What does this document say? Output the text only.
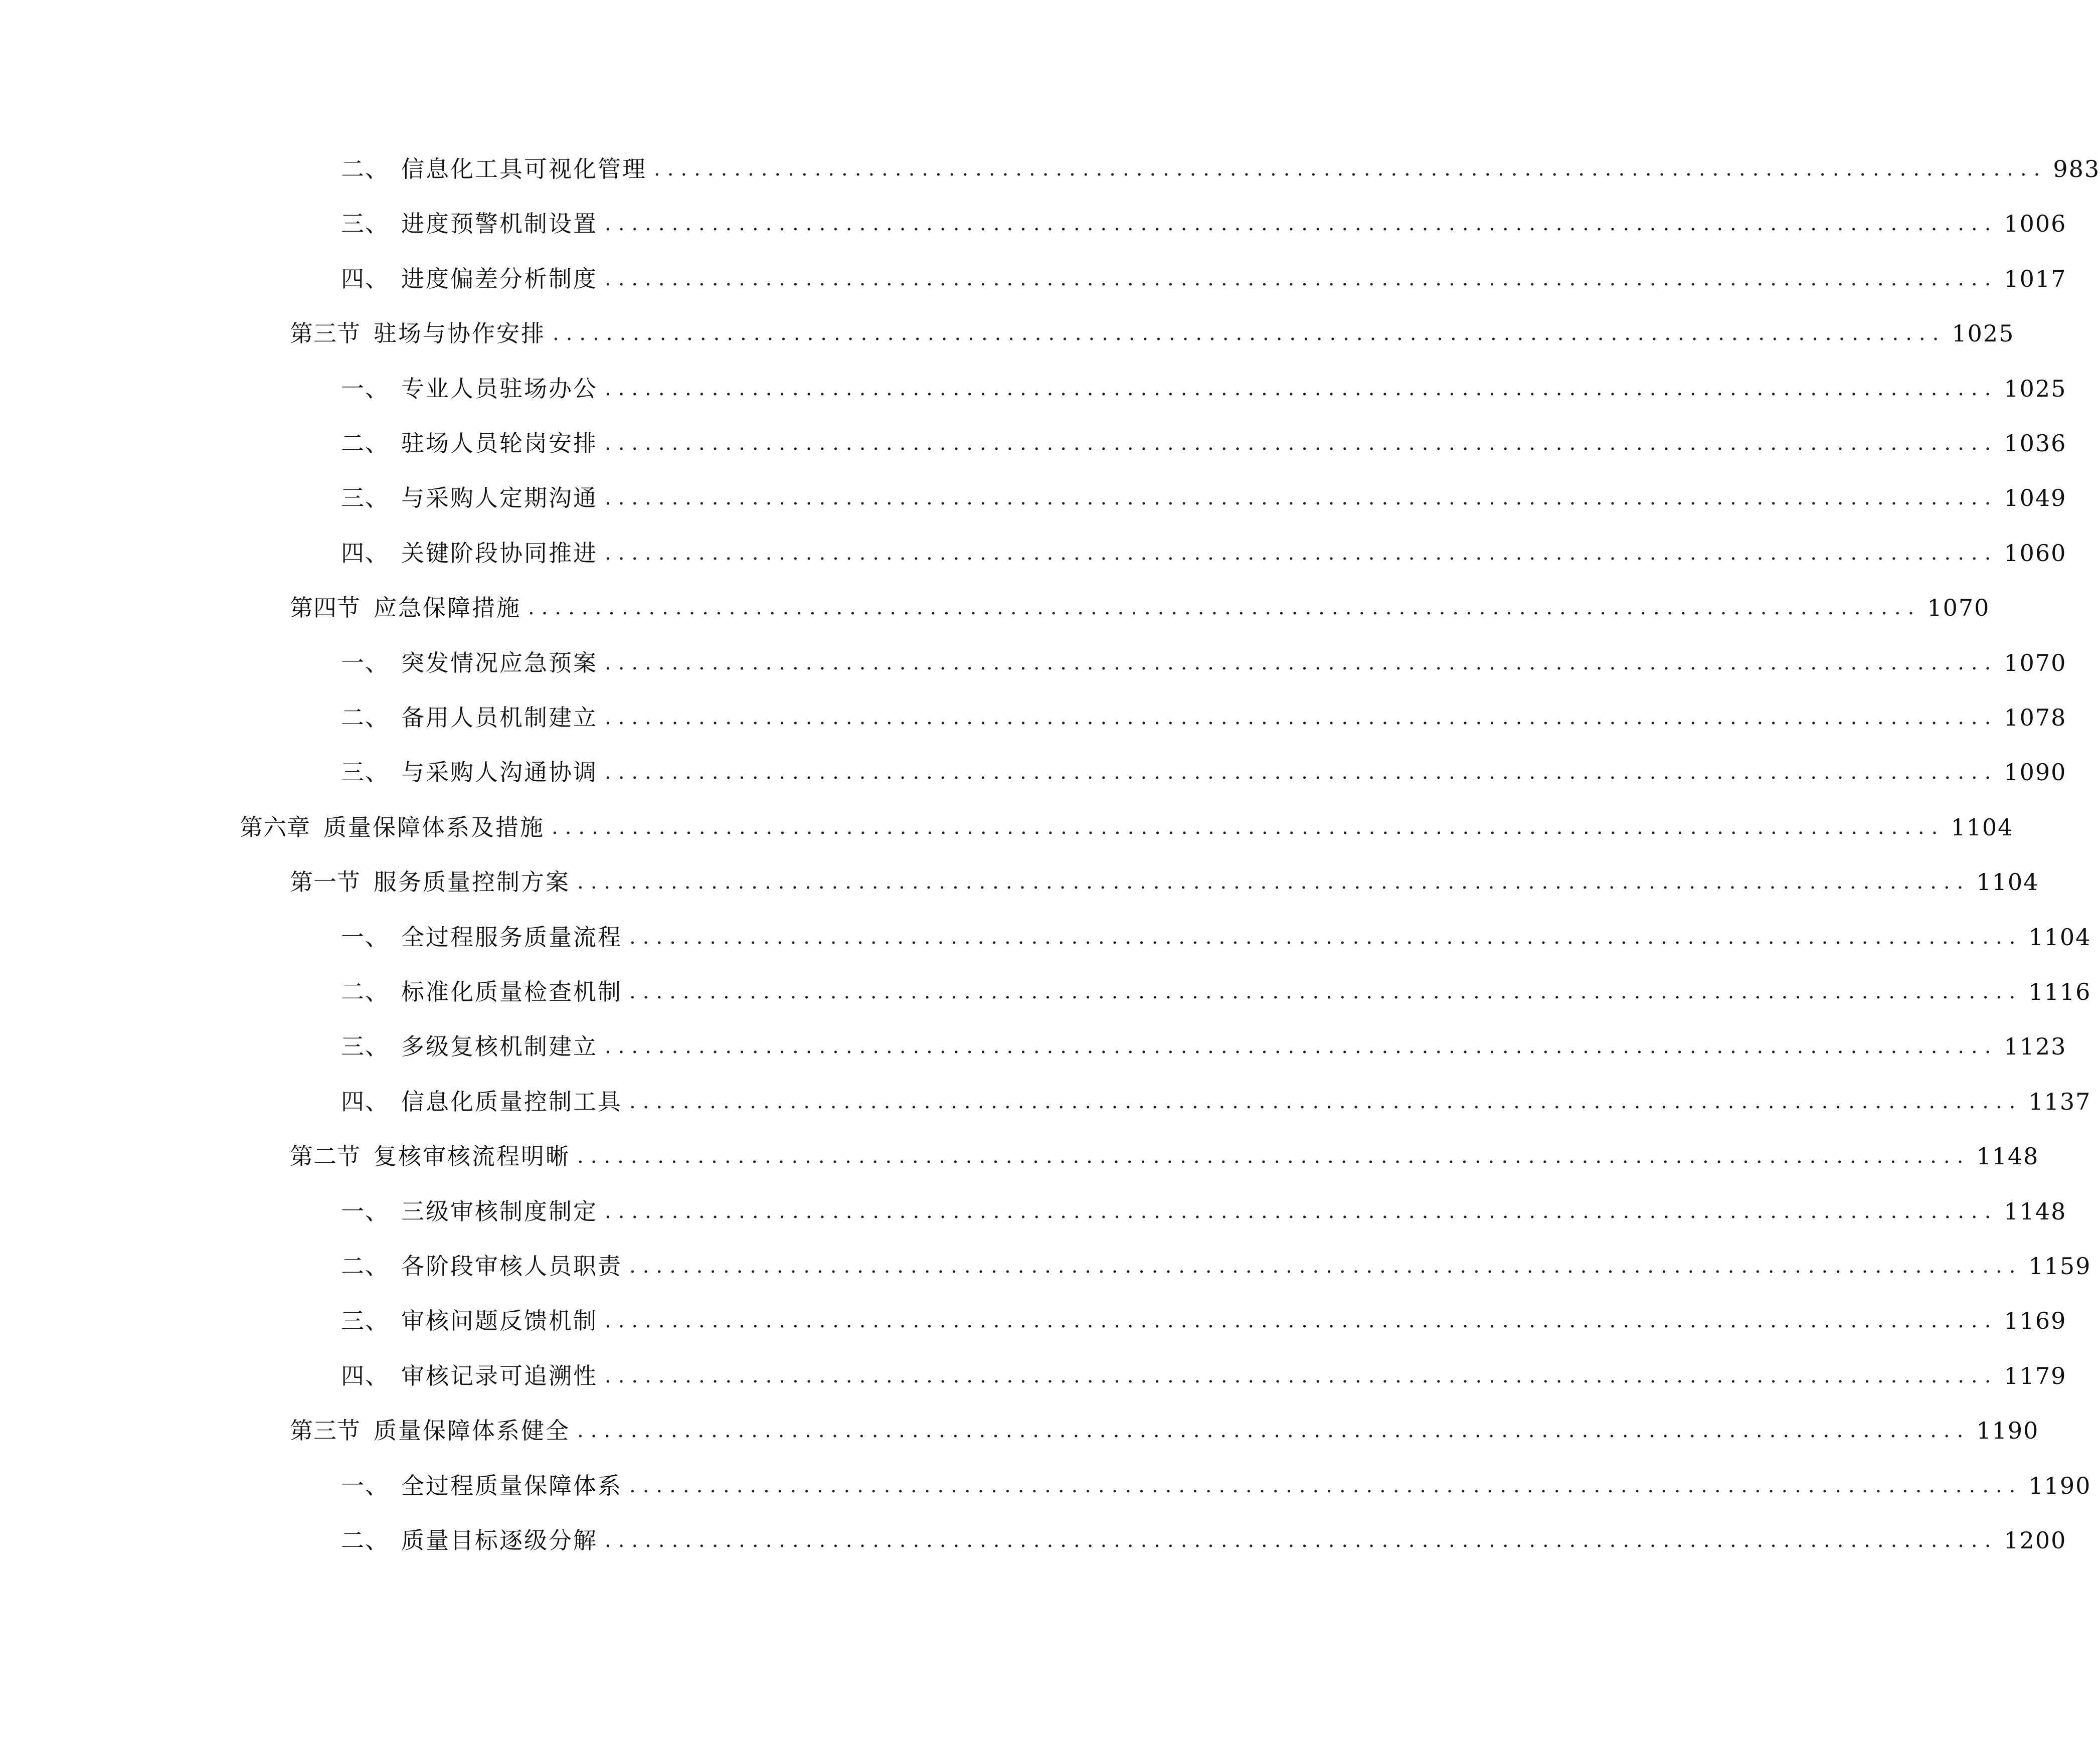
二、 信息化工具可视化管理 ........................................................................................................ 983
三、 进度预警机制设置 ........................................................................................................ 1006
四、 进度偏差分析制度 ........................................................................................................ 1017
第三节 驻场与协作安排 ........................................................................................................ 1025
一、 专业人员驻场办公 ........................................................................................................ 1025
二、 驻场人员轮岗安排 ........................................................................................................ 1036
三、 与采购人定期沟通 ........................................................................................................ 1049
四、 关键阶段协同推进 ........................................................................................................ 1060
第四节 应急保障措施 ........................................................................................................ 1070
一、 突发情况应急预案 ........................................................................................................ 1070
二、 备用人员机制建立 ........................................................................................................ 1078
三、 与采购人沟通协调 ........................................................................................................ 1090
第六章 质量保障体系及措施 ........................................................................................................ 1104
第一节 服务质量控制方案 ........................................................................................................ 1104
一、 全过程服务质量流程 ........................................................................................................ 1104
二、 标准化质量检查机制 ........................................................................................................ 1116
三、 多级复核机制建立 ........................................................................................................ 1123
四、 信息化质量控制工具 ........................................................................................................ 1137
第二节 复核审核流程明晰 ........................................................................................................ 1148
一、 三级审核制度制定 ........................................................................................................ 1148
二、 各阶段审核人员职责 ........................................................................................................ 1159
三、 审核问题反馈机制 ........................................................................................................ 1169
四、 审核记录可追溯性 ........................................................................................................ 1179
第三节 质量保障体系健全 ........................................................................................................ 1190
一、 全过程质量保障体系 ........................................................................................................ 1190
二、 质量目标逐级分解 ........................................................................................................ 1200
